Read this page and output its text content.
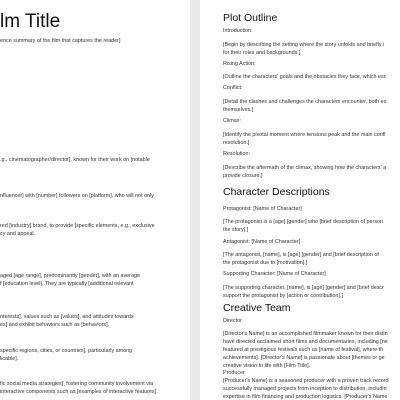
lm Title

ence summary of the film that captures the reader]

.g., cinematographer/director], known for their work on [notable

nfluencer] with [number] followers on [platform], who will not only

red [industry] brand, to provide [specific elements, e.g., exclusive

cy and appeal.

aged [age range], predominantly [gender], with an average

f [education level]. They are typically [additional relevant

nterests], values such as [values], and attitudes towards

es] and exhibit behaviors such as [behaviors].

specific regions, cities, or countries], particularly among

licable].

fic social media strategies], fostering community involvement via

interactive components such as [examples of interactive features].

Plot Outline

Introduction:

[Begin by describing the setting where the story unfolds and briefly i

for their roles and backgrounds.]

Rising Action:

[Outline the characters' goals and the obstacles they face, which esc

Conflict:

[Detail the clashes and challenges the characters encounter, both ex

themselves.]

Climax:

[Identify the pivotal moment where tensions peak and the main confl

resolution.]

Resolution:

[Describe the aftermath of the climax, showing how the characters' a

provide closure.]

Character Descriptions

Protagonist: [Name of Character]

[The protagonist is a [age] [gender] who [brief description of person

the story].]

Antagonist: [Name of Character]

[The antagonist, [name], is [age] [gender] and [brief description of

the protagonist due to [motivation].]

Supporting Character: [Name of Character]

[The supporting character, [name], is [age] [gender] and [brief descr

support the protagonist by [action or contribution].]

Creative Team

Director

[Director's Name] is an accomplished filmmaker known for their distin

have directed acclaimed short films and documentaries, including [ne

featured at prestigious festivals such as [name of festival], where th

achievements]. [Director's Name] is passionate about [themes or ge

creative vision to life with [Film Title].

Producer

[Producer's Name] is a seasoned producer with a proven track record

successfully managed projects from inception to distribution, includin

expertise in film financing and production logistics. [Producer's Name
